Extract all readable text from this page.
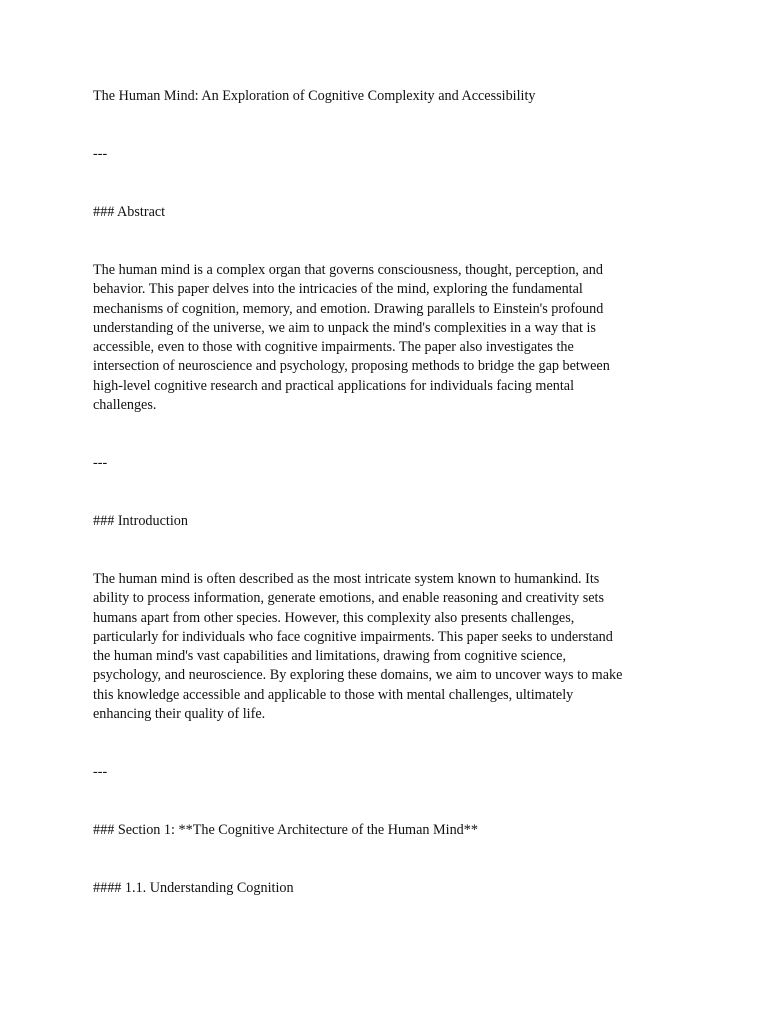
The Human Mind: An Exploration of Cognitive Complexity and Accessibility

---

### Abstract

The human mind is a complex organ that governs consciousness, thought, perception, and
behavior. This paper delves into the intricacies of the mind, exploring the fundamental
mechanisms of cognition, memory, and emotion. Drawing parallels to Einstein's profound
understanding of the universe, we aim to unpack the mind's complexities in a way that is
accessible, even to those with cognitive impairments. The paper also investigates the
intersection of neuroscience and psychology, proposing methods to bridge the gap between
high-level cognitive research and practical applications for individuals facing mental
challenges.

---

### Introduction

The human mind is often described as the most intricate system known to humankind. Its
ability to process information, generate emotions, and enable reasoning and creativity sets
humans apart from other species. However, this complexity also presents challenges,
particularly for individuals who face cognitive impairments. This paper seeks to understand
the human mind's vast capabilities and limitations, drawing from cognitive science,
psychology, and neuroscience. By exploring these domains, we aim to uncover ways to make
this knowledge accessible and applicable to those with mental challenges, ultimately
enhancing their quality of life.

---

### Section 1: **The Cognitive Architecture of the Human Mind**

#### 1.1. Understanding Cognition
